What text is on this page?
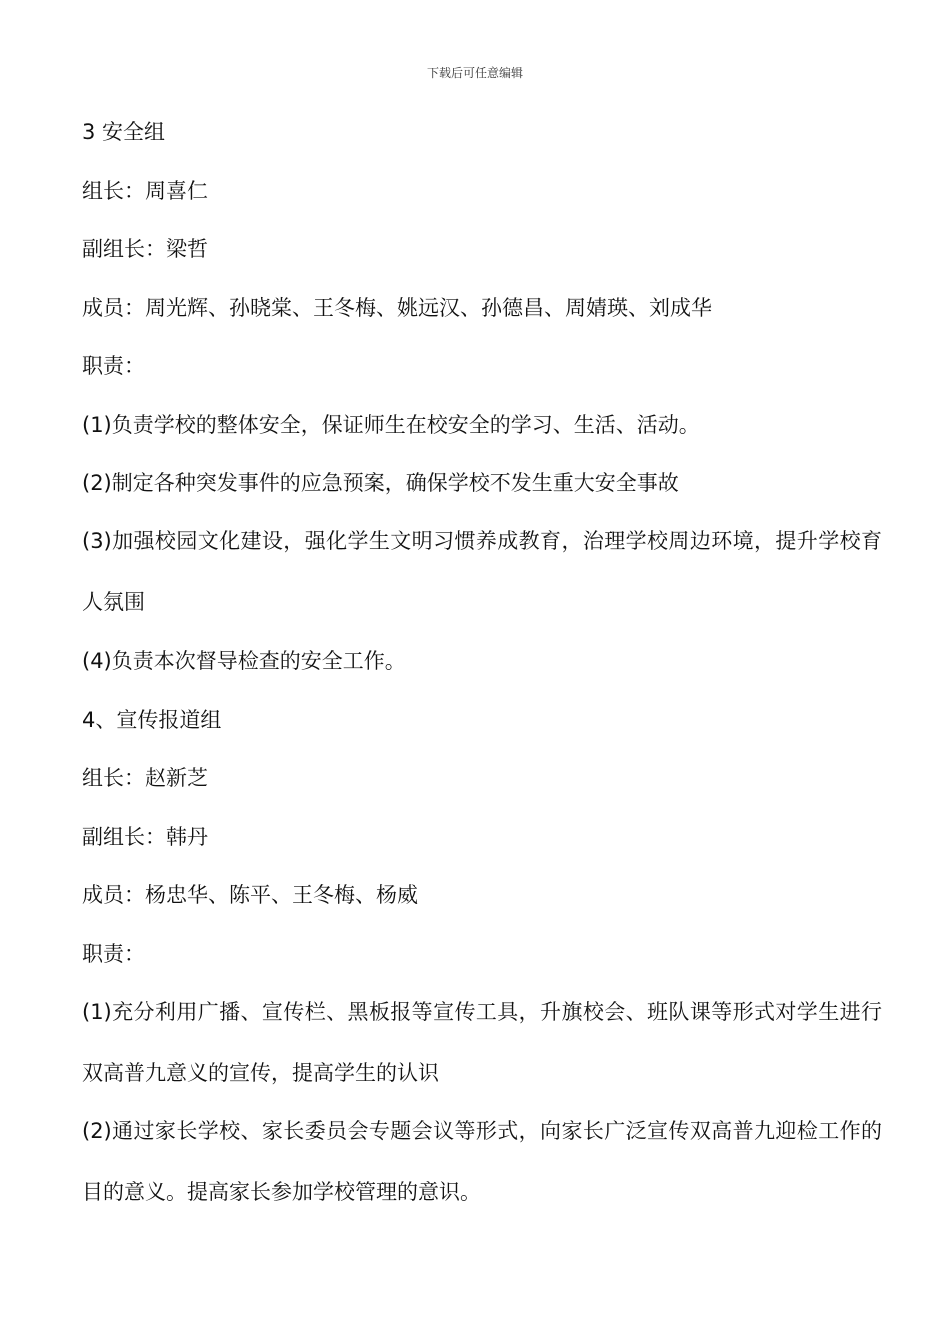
下载后可任意编辑
3 安全组
组长：周喜仁
副组长：梁哲
成员：周光辉、孙晓棠、王冬梅、姚远汉、孙德昌、周婧瑛、刘成华
职责：
(1)负责学校的整体安全，保证师生在校安全的学习、生活、活动。
(2)制定各种突发事件的应急预案，确保学校不发生重大安全事故
(3)加强校园文化建设，强化学生文明习惯养成教育，治理学校周边环境，提升学校育人氛围
(4)负责本次督导检查的安全工作。
4、宣传报道组
组长：赵新芝
副组长：韩丹
成员：杨忠华、陈平、王冬梅、杨威
职责：
(1)充分利用广播、宣传栏、黑板报等宣传工具，升旗校会、班队课等形式对学生进行双高普九意义的宣传，提高学生的认识
(2)通过家长学校、家长委员会专题会议等形式，向家长广泛宣传双高普九迎检工作的目的意义。提高家长参加学校管理的意识。
